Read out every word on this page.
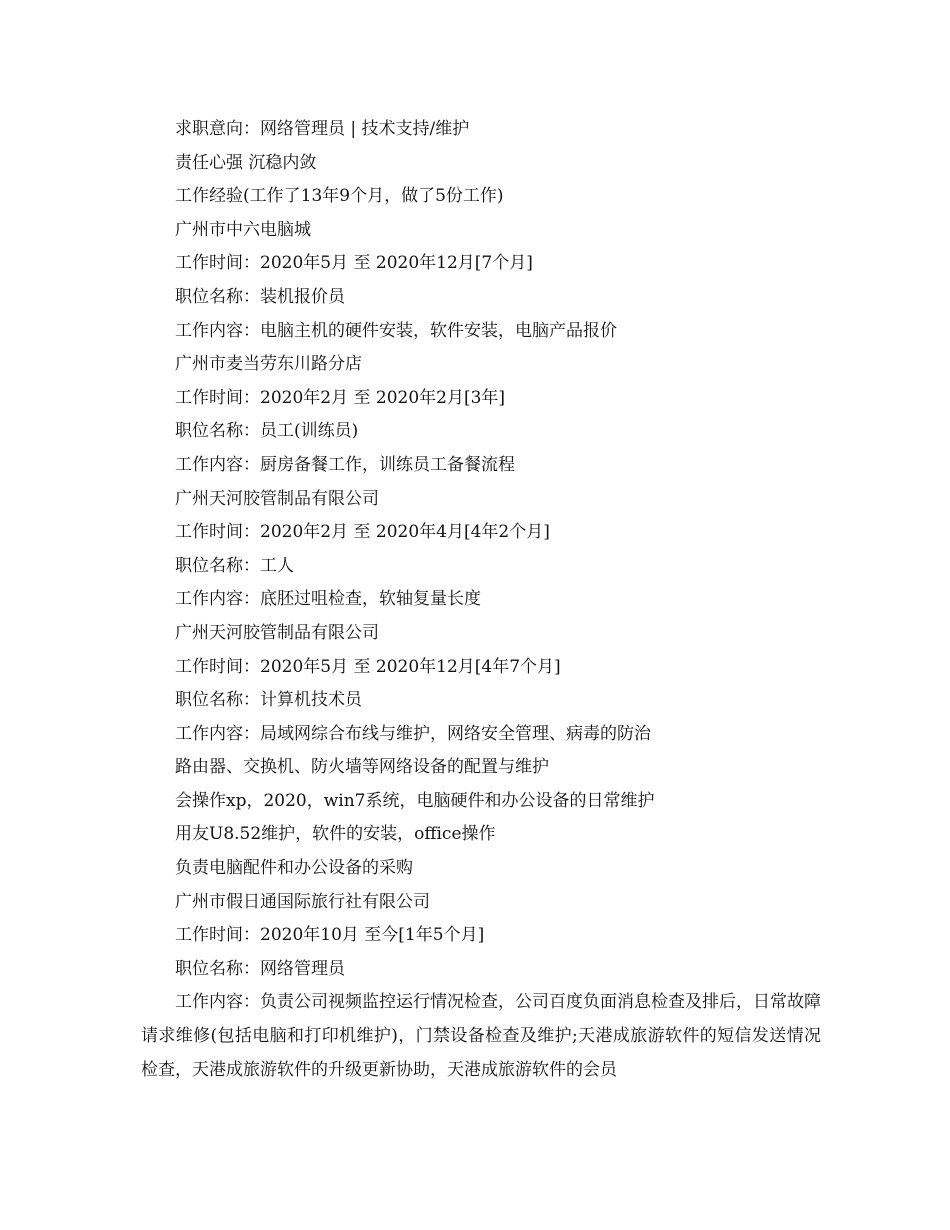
求职意向：网络管理员 | 技术支持/维护
责任心强 沉稳内敛
工作经验(工作了13年9个月，做了5份工作)
广州市中六电脑城
工作时间：2020年5月 至 2020年12月[7个月]
职位名称：装机报价员
工作内容：电脑主机的硬件安装，软件安装，电脑产品报价
广州市麦当劳东川路分店
工作时间：2020年2月 至 2020年2月[3年]
职位名称：员工(训练员)
工作内容：厨房备餐工作，训练员工备餐流程
广州天河胶管制品有限公司
工作时间：2020年2月 至 2020年4月[4年2个月]
职位名称：工人
工作内容：底胚过咀检查，软轴复量长度
广州天河胶管制品有限公司
工作时间：2020年5月 至 2020年12月[4年7个月]
职位名称：计算机技术员
工作内容：局域网综合布线与维护，网络安全管理、病毒的防治
路由器、交换机、防火墙等网络设备的配置与维护
会操作xp，2020，win7系统，电脑硬件和办公设备的日常维护
用友U8.52维护，软件的安装，office操作
负责电脑配件和办公设备的采购
广州市假日通国际旅行社有限公司
工作时间：2020年10月 至今[1年5个月]
职位名称：网络管理员

工作内容：负责公司视频监控运行情况检查，公司百度负面消息检查及排后，日常故障请求维修(包括电脑和打印机维护)，门禁设备检查及维护;天港成旅游软件的短信发送情况检查，天港成旅游软件的升级更新协助，天港成旅游软件的会员
